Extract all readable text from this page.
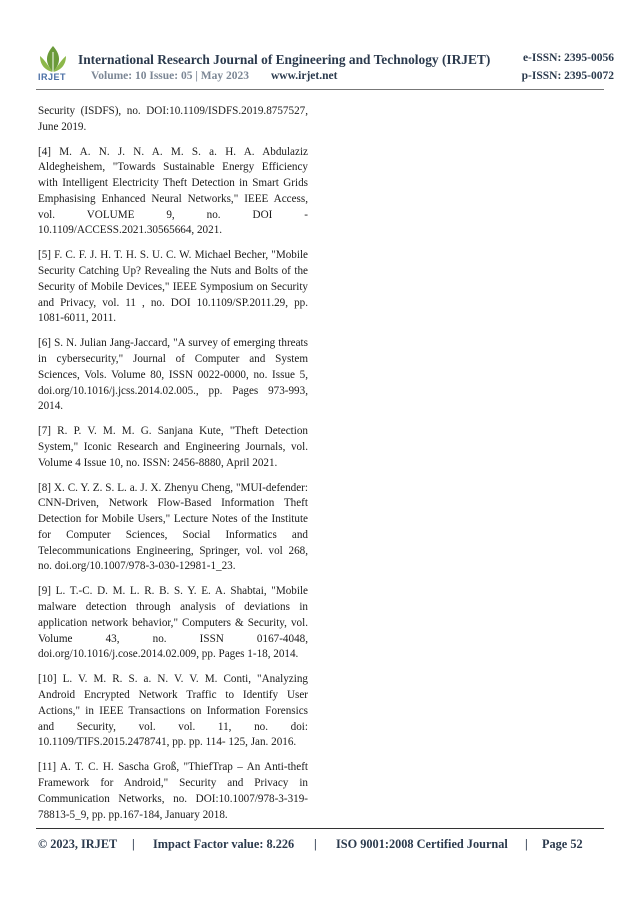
IRJET
International Research Journal of Engineering and Technology (IRJET)	e-ISSN: 2395-0056
Volume: 10 Issue: 05 | May 2023 www.irjet.net	p-ISSN: 2395-0072

Security (ISDFS), no. DOI:10.1109/ISDFS.2019.8757527, June 2019.

[4] M. A. N. J. N. A. M. S. a. H. A. Abdulaziz Aldegheishem, "Towards Sustainable Energy Efficiency with Intelligent Electricity Theft Detection in Smart Grids Emphasising Enhanced Neural Networks," IEEE Access, vol. VOLUME 9, no. DOI - 10.1109/ACCESS.2021.30565664, 2021.

[5] F. C. F. J. H. T. H. S. U. C. W. Michael Becher, "Mobile Security Catching Up? Revealing the Nuts and Bolts of the Security of Mobile Devices," IEEE Symposium on Security and Privacy, vol. 11 , no. DOI 10.1109/SP.2011.29, pp. 1081-6011, 2011.

[6] S. N. Julian Jang-Jaccard, "A survey of emerging threats in cybersecurity," Journal of Computer and System Sciences, Vols. Volume 80, ISSN 0022-0000, no. Issue 5, doi.org/10.1016/j.jcss.2014.02.005., pp. Pages 973-993, 2014.

[7] R. P. V. M. M. G. Sanjana Kute, "Theft Detection System," Iconic Research and Engineering Journals, vol. Volume 4 Issue 10, no. ISSN: 2456-8880, April 2021.

[8] X. C. Y. Z. S. L. a. J. X. Zhenyu Cheng, "MUI-defender: CNN-Driven, Network Flow-Based Information Theft Detection for Mobile Users," Lecture Notes of the Institute for Computer Sciences, Social Informatics and Telecommunications Engineering, Springer, vol. vol 268, no. doi.org/10.1007/978-3-030-12981-1_23.

[9] L. T.-C. D. M. L. R. B. S. Y. E. A. Shabtai, "Mobile malware detection through analysis of deviations in application network behavior," Computers & Security, vol. Volume 43, no. ISSN 0167-4048, doi.org/10.1016/j.cose.2014.02.009, pp. Pages 1-18, 2014.

[10] L. V. M. R. S. a. N. V. V. M. Conti, "Analyzing Android Encrypted Network Traffic to Identify User Actions," in IEEE Transactions on Information Forensics and Security, vol. vol. 11, no. doi: 10.1109/TIFS.2015.2478741, pp. pp. 114- 125, Jan. 2016.

[11] A. T. C. H. Sascha Groß, "ThiefTrap – An Anti-theft Framework for Android," Security and Privacy in Communication Networks, no. DOI:10.1007/978-3-319-78813-5_9, pp. pp.167-184, January 2018.

© 2023, IRJET | Impact Factor value: 8.226 | ISO 9001:2008 Certified Journal | Page 52
